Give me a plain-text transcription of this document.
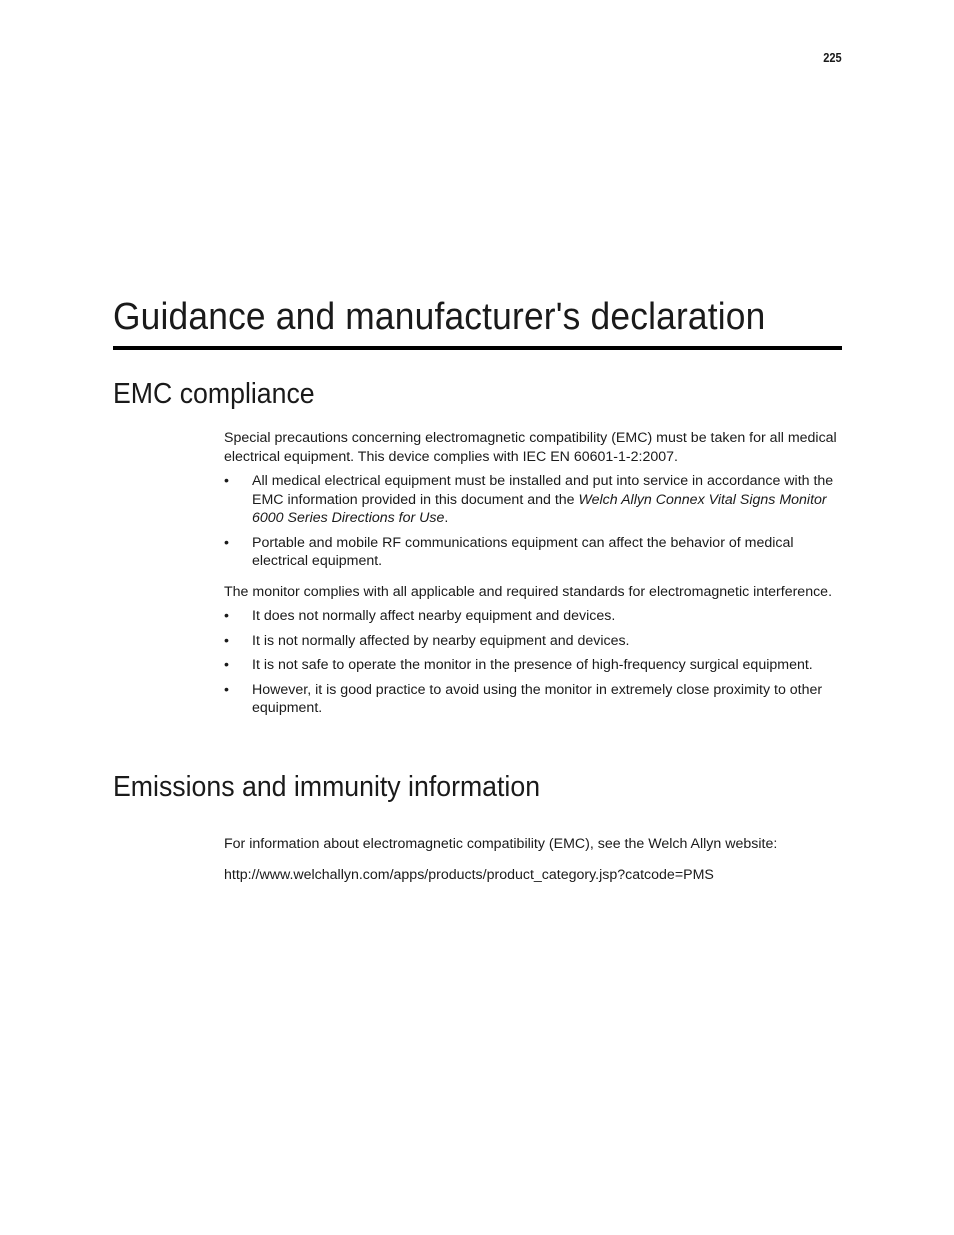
225
Guidance and manufacturer's declaration
EMC compliance

Special precautions concerning electromagnetic compatibility (EMC) must be taken for all medical electrical equipment. This device complies with IEC EN 60601-1-2:2007.

• All medical electrical equipment must be installed and put into service in accordance with the EMC information provided in this document and the Welch Allyn Connex Vital Signs Monitor 6000 Series Directions for Use.
• Portable and mobile RF communications equipment can affect the behavior of medical electrical equipment.

The monitor complies with all applicable and required standards for electromagnetic interference.

• It does not normally affect nearby equipment and devices.
• It is not normally affected by nearby equipment and devices.
• It is not safe to operate the monitor in the presence of high-frequency surgical equipment.
• However, it is good practice to avoid using the monitor in extremely close proximity to other equipment.
Emissions and immunity information

For information about electromagnetic compatibility (EMC), see the Welch Allyn website:

http://www.welchallyn.com/apps/products/product_category.jsp?catcode=PMS
